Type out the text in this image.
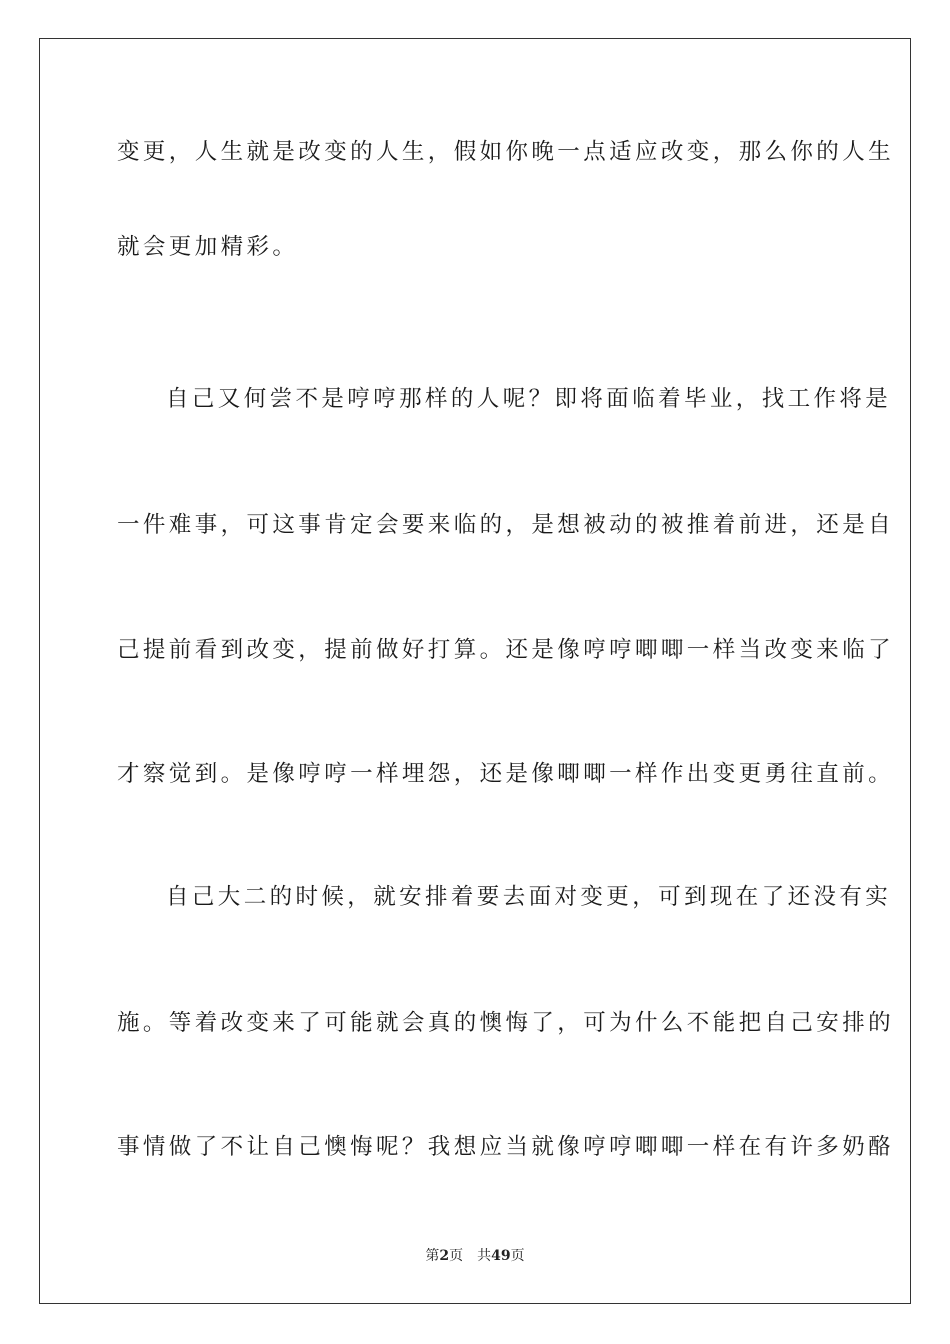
变更，人生就是改变的人生，假如你晚一点适应改变，那么你的人生
就会更加精彩。
自己又何尝不是哼哼那样的人呢？即将面临着毕业，找工作将是
一件难事，可这事肯定会要来临的，是想被动的被推着前进，还是自
己提前看到改变，提前做好打算。还是像哼哼唧唧一样当改变来临了
才察觉到。是像哼哼一样埋怨，还是像唧唧一样作出变更勇往直前。
自己大二的时候，就安排着要去面对变更，可到现在了还没有实
施。等着改变来了可能就会真的懊悔了，可为什么不能把自己安排的
事情做了不让自己懊悔呢？我想应当就像哼哼唧唧一样在有许多奶酪
第2页 共49页
